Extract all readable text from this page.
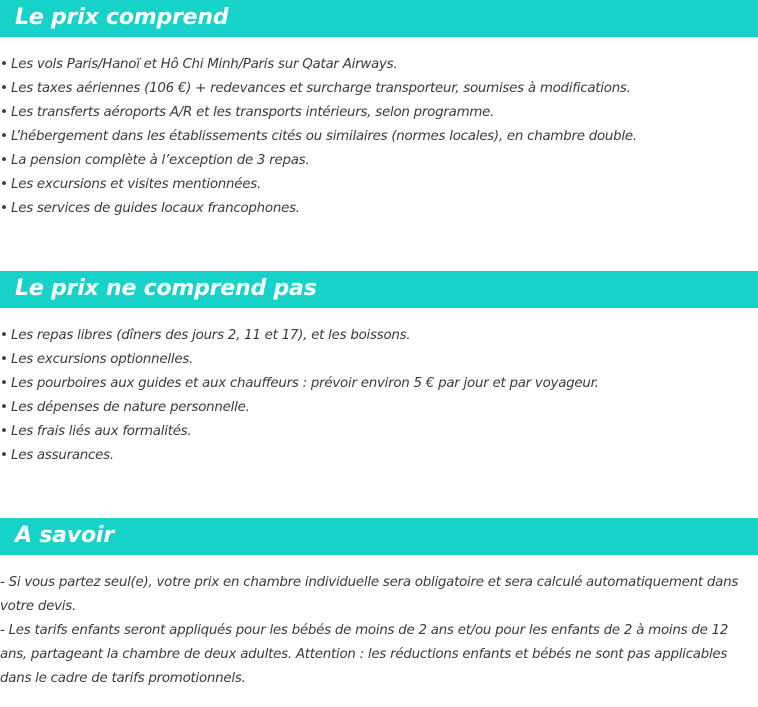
Le prix comprend
• Les vols Paris/Hanoï et Hô Chi Minh/Paris sur Qatar Airways.
• Les taxes aériennes (106 €) + redevances et surcharge transporteur, soumises à modifications.
• Les transferts aéroports A/R et les transports intérieurs, selon programme.
• L’hébergement dans les établissements cités ou similaires (normes locales), en chambre double.
• La pension complète à l’exception de 3 repas.
• Les excursions et visites mentionnées.
• Les services de guides locaux francophones.
Le prix ne comprend pas
• Les repas libres (dîners des jours 2, 11 et 17), et les boissons.
• Les excursions optionnelles.
• Les pourboires aux guides et aux chauffeurs : prévoir environ 5 € par jour et par voyageur.
• Les dépenses de nature personnelle.
• Les frais liés aux formalités.
• Les assurances.
A savoir

- Si vous partez seul(e), votre prix en chambre individuelle sera obligatoire et sera calculé automatiquement dans votre devis.

- Les tarifs enfants seront appliqués pour les bébés de moins de 2 ans et/ou pour les enfants de 2 à moins de 12 ans, partageant la chambre de deux adultes. Attention : les réductions enfants et bébés ne sont pas applicables dans le cadre de tarifs promotionnels.
